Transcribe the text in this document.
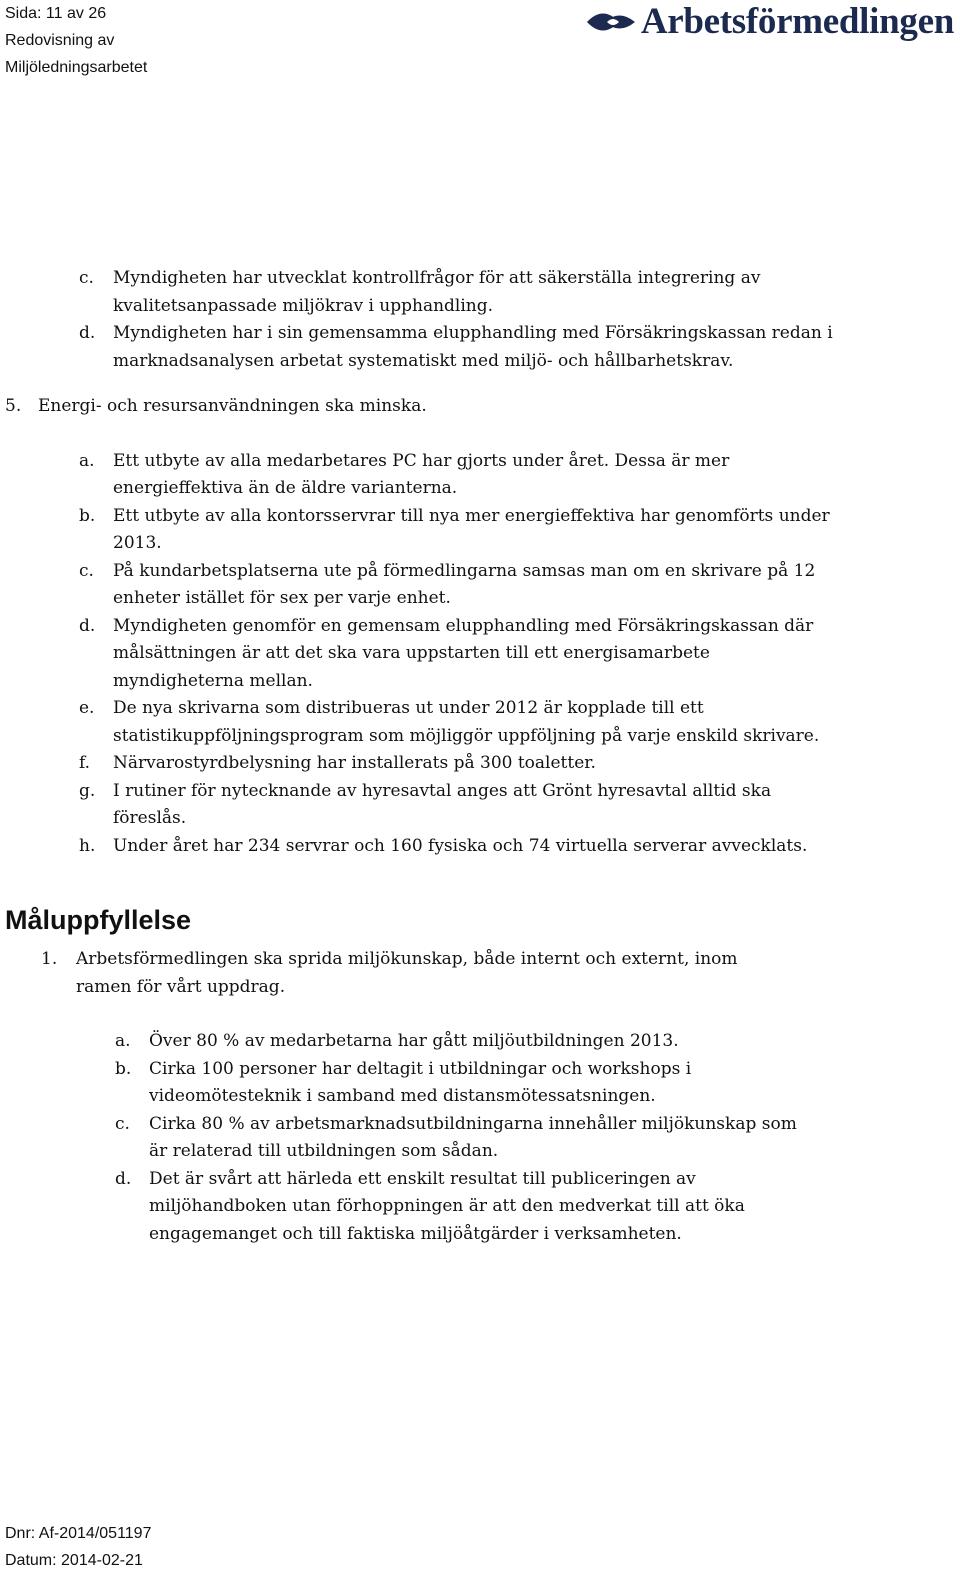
Sida: 11 av 26
Redovisning av
Miljöledningsarbetet
Arbetsförmedlingen
c. Myndigheten har utvecklat kontrollfrågor för att säkerställa integrering av kvalitetsanpassade miljökrav i upphandling.
d. Myndigheten har i sin gemensamma elupphandling med Försäkringskassan redan i marknadsanalysen arbetat systematiskt med miljö- och hållbarhetskrav.
5. Energi- och resursanvändningen ska minska.
a. Ett utbyte av alla medarbetares PC har gjorts under året. Dessa är mer energieffektiva än de äldre varianterna.
b. Ett utbyte av alla kontorsservrar till nya mer energieffektiva har genomförts under 2013.
c. På kundarbetsplatserna ute på förmedlingarna samsas man om en skrivare på 12 enheter istället för sex per varje enhet.
d. Myndigheten genomför en gemensam elupphandling med Försäkringskassan där målsättningen är att det ska vara uppstarten till ett energisamarbete myndigheterna mellan.
e. De nya skrivarna som distribueras ut under 2012 är kopplade till ett statistikuppföljningsprogram som möjliggör uppföljning på varje enskild skrivare.
f. Närvarostyrdbelysning har installerats på 300 toaletter.
g. I rutiner för nytecknande av hyresavtal anges att Grönt hyresavtal alltid ska föreslås.
h. Under året har 234 servrar och 160 fysiska och 74 virtuella serverar avvecklats.
Måluppfyllelse
1. Arbetsförmedlingen ska sprida miljökunskap, både internt och externt, inom ramen för vårt uppdrag.
a. Över 80 % av medarbetarna har gått miljöutbildningen 2013.
b. Cirka 100 personer har deltagit i utbildningar och workshops i videomötesteknik i samband med distansmötessatsningen.
c. Cirka 80 % av arbetsmarknadsutbildningarna innehåller miljökunskap som är relaterad till utbildningen som sådan.
d. Det är svårt att härleda ett enskilt resultat till publiceringen av miljöhandboken utan förhoppningen är att den medverkat till att öka engagemanget och till faktiska miljöåtgärder i verksamheten.
Dnr: Af-2014/051197
Datum: 2014-02-21
